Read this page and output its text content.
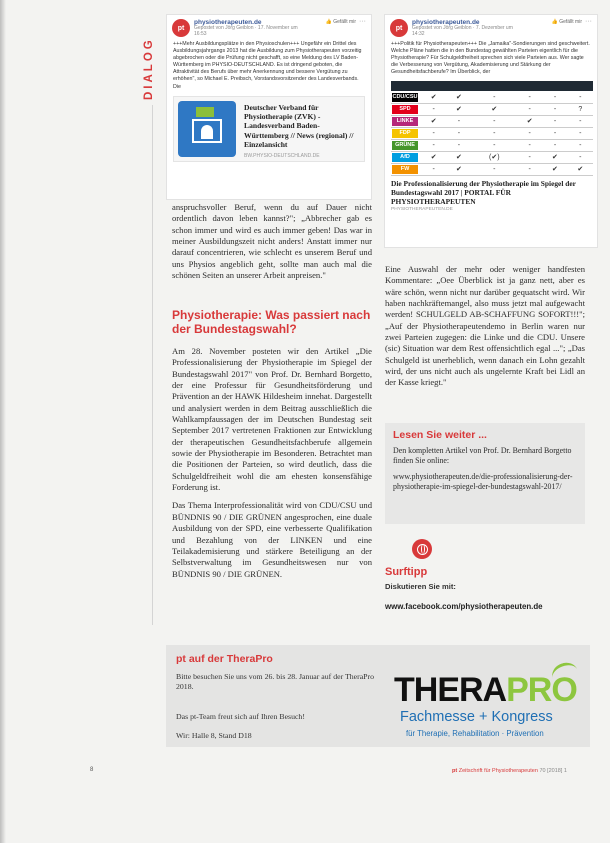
DIALOG
pt
physiotherapeuten.de
Gepostet von Jörg Geiblon · 17. November um
16:53
👍 Gefällt mir ···
+++Mehr Ausbildungsplätze in den Physioschulen+++ Ungefähr ein Drittel des Ausbildungsjahrgangs 2013 hat die Ausbildung zum Physiotherapeuten vorzeitig abgebrochen oder die Prüfung nicht geschafft, so eine Meldung des LV Baden-Württemberg im PHYSIO-DEUTSCHLAND. Es ist dringend geboten, die Attraktivität des Berufs über mehr Anerkennung und bessere Vergütung zu erhöhen", so Michael E. Preibsch, Vorstandsvorsitzender des Landesverbands. Die
Deutscher Verband für Physiotherapie (ZVK) - Landesverband Baden-Württemberg // News (regional) // Einzelansicht
BW.PHYSIO-DEUTSCHLAND.DE
pt
physiotherapeuten.de
Gepostet von Jörg Geiblon · 7. Dezember um
14:32
👍 Gefällt mir ···
+++Politik für Physiotherapeuten+++ Die „Jamaika"-Sondierungen sind geschweitert. Welche Pläne hatten die in den Bundestag gewählten Parteien eigentlich für die Physiotherapie? Für Schulgeldfreiheit sprechen sich viele Parteien aus. Wer sagte die Verbesserung von Vergütung, Akademisierung und Stärkung der Gesundheitsfachberufe? Im Überblick, der

CDU/CSU	✔	✔	-	-	-	-
SPD	-	✔	✔	-	-	?
LINKE	✔	-	-	✔	-	-
FDP	-	-	-	-	-	-
GRÜNE	-	-	-	-	-	-
AfD	✔	✔	(✔)	-	✔	-
FW	-	✔	-	-	✔	✔
Die Professionalisierung der Physiotherapie im Spiegel der Bundestagswahl 2017 | PORTAL FÜR PHYSIOTHERAPEUTEN
PHYSIOTHERAPEUTEN.DE

anspruchsvoller Beruf, wenn du auf Dauer nicht ordentlich davon leben kannst?"; „Abbrecher gab es schon immer und wird es auch immer geben! Das war in meiner Ausbildungszeit nicht anders! Anstatt immer nur darauf concentrieren, wie schlecht es unserem Beruf und uns Physios angeblich geht, sollte man auch mal die schönen Seiten an unserer Arbeit anpreisen."

Physiotherapie: Was passiert nach der Bundestagswahl?

Am 28. November posteten wir den Artikel „Die Professionalisierung der Physiotherapie im Spiegel der Bundestagswahl 2017" von Prof. Dr. Bernhard Borgetto, der eine Professur für Gesundheitsförderung und Prävention an der HAWK Hildesheim innehat. Dargestellt und analysiert werden in dem Beitrag ausschließlich die Wahlkampfaussagen der im Deutschen Bundestag seit September 2017 vertretenen Fraktionen zur Entwicklung der therapeutischen Gesundheitsfachberufe allgemein sowie der Physiotherapie im Besonderen. Betrachtet man die Positionen der Parteien, so wird deutlich, dass die Schulgeldfreiheit wohl die am ehesten konsensfähige Forderung ist.

Das Thema Interprofessionalität wird von CDU/CSU und BÜNDNIS 90 / DIE GRÜNEN angesprochen, eine duale Ausbildung von der SPD, eine verbesserte Qualifikation und Bezahlung von der LINKEN und eine Teilakademisierung und stärkere Beteiligung an der Selbstverwaltung im Gesundheitswesen nur von BÜNDNIS 90 / DIE GRÜNEN.

Eine Auswahl der mehr oder weniger handfesten Kommentare: „Oee Überblick ist ja ganz nett, aber es wäre schön, wenn nicht nur darüber gequatscht wird. Wir haben nachkräftemangel, also muss jetzt mal aufgewacht werden! SCHULGELD AB-SCHAFFUNG SOFORT!!!"; „Auf der Physiotherapeutendemo in Berlin waren nur zwei Parteien zugegen: die Linke und die CDU. Unsere (sic) Situation war dem Rest offensichtlich egal ..."; „Das Schulgeld ist unerheblich, wenn danach ein Lohn gezahlt wird, der uns nicht auch als ungelernte Kraft bei Lidl an der Kasse kriegt."

Lesen Sie weiter ...
Den kompletten Artikel von Prof. Dr. Bernhard Borgetto finden Sie online:
www.physiotherapeuten.de/die-professionalisierung-der-physiotherapie-im-spiegel-der-bundestagswahl-2017/
Surftipp
Diskutieren Sie mit:
www.facebook.com/physiotherapeuten.de
pt auf der TheraPro
Bitte besuchen Sie uns vom 26. bis 28. Januar auf der TheraPro 2018.
Das pt-Team freut sich auf Ihren Besuch!
Wir: Halle 8, Stand D18
THERAPRO
Fachmesse + Kongress
für Therapie, Rehabilitation · Prävention
8	pt Zeitschrift für Physiotherapeuten 70 [2018] 1
